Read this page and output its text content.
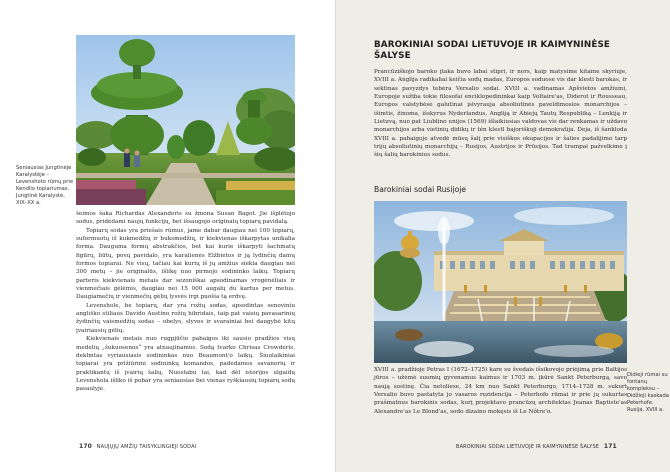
Seniausias Jungtinėje Karalystėje – Levenshoto rūmų prie Kendlio topiariumas. Jungtinė Karalystė, XIX–XX a.

šeimos šaka Richardas Alexanderis su žmona Susan Bagot. Jie išplėtojo sodus, pridėdami naujų funkcijų, bet išsaugojo originalų topiarų pavidalą.

Topiarų sodas yra priešais rūmus, jame dabar daugiau nei 100 topiarų, suformuotų iš kukmedžių ir buksmedžių, ir kiekvienas iškarpytas unikalia forma. Dauguma formų abstrakčios, bet kai kurie iškarpyti šachmatų figūrų, liūtų, povų pavidalo, yra karalienės Elžbietos ir ją lydinčių damų formos topiarai. Ne visų, tačiau kai kurių iš jų amžius siekia daugiau nei 300 metų – jie originalūs, išlikę nuo pirmojo sodininko laikų. Topiarų parteris kiekvienais metais dar sezoniškai apsodinamas vrogėnėliais ir vienmečiais gėlėmis, daugiau nei 15 000 augalų du kartus per metus. Daugiamečių ir vienmečių gėlių lysvės irgi puošia tą erdvę.

Levenshole, be topiarų, dar yra rožių sodas, apsodintas senoviniu angliško stiliaus Davido Austino rožių hibridais, taip pat vaisių pavasarinių žydinčių vaismedžių sodas – obelys, slyvos ir svarainiai bei daugybė kitų įvairiausių gėlių.

Kiekvienais metais nuo rugpjūčio pabaigos iki sausio pradžios visų medelių „šukuosenos“ yra atnaujinamos. Sodą tvarko Chrisas Crowderis, deklmtas vyriausiasis sodininkas nuo Beaumont'o laikų. Šiuolaikiniai topiarai yra prižiūrimi sodininkų komandos, padedamos savanorių ir praktikantų iš įvairių šalių. Nuostabu tai, kad dėl istorijos ulgaidų Levenshola išliko iš pobar yra seniausias bei vienas ryškiausių topiarų sodų pasaulyje.

170 NAUJŲJŲ AMŽIŲ TAISYKLINGIEJI SODAI
BAROKINIAI SODAI LIETUVOJE IR KAIMYNINĖSE ŠALYSE

Prancūziškojo baroko įtaka buvo labai stipri, ir nors, kaip matysime kitame skyriuje, XVIII a. Anglija radikaliai keičia sodų madas, Europos soduose vis dar klesti barokas, ir sektinas pavyzdys tebėra Versalio sodai. XVIII a. vadinamas Apšvietos amžiumi, Europoje sužiba tokie filosofai enciklopedininkai kaip Voltaire'as, Diderot ir Rousseau, Europos valstybėse galutinai įsivyrauja absoliutinės paveldimosios monarchijos – išimtis, žinoma, išskyrus Nyderlandus, Angliją ir Abiejų Tautų Respubliką – Lenkiją ir Lietuvą, nuo pat Liublino unijos (1569) išlaikiusias valdovas vis dar renkamas ir uždavo monarchijos arba vietinių didikų ir tėn klestl bajoriškoji demokratija. Deja, iš šankloda XVIII a. pabaigoje atvedė mūsų šalį prie visiškos okupacijos ir šalies padalijimo tarp trijų absoliutinių monarchijų – Rusijos, Austrijos ir Prūsijos. Tad trumpai pažvelkime į šių šalių barokinius sodus.

Barokiniai sodai Rusijoje
Didieji rūmai su fontanų kompleksu – Didžioji kaskada Peterhofe. Rusija, XVIII a.

XVIII a. pradžioje Petras I (1672–1725) kare su švedais išsikovojo priėjimą prie Baltijos jūros – užėmė suomių gyvenamus kaimus ir 1703 m. įkūrė Sankt Peterburgą, savo naują sostinę. Čia netoliese, 24 km nuo Sankt Peterburgo, 1714–1728 m. sukurt Versalio buvo pastatyta jo vasaros rezidencija – Peterhofo rūmai ir prie jų sukurtas prašmatnus barokinis sodas, kurį projektavo prancūzų architektas Jeanas Baptiste'as Alexandre'as Le Blond'as, sodo dizaino mokęsis iš Le Nôtre'o.

BAROKINIAI SODAI LIETUVOJE IR KAIMYNINĖSE ŠALYSE 171
